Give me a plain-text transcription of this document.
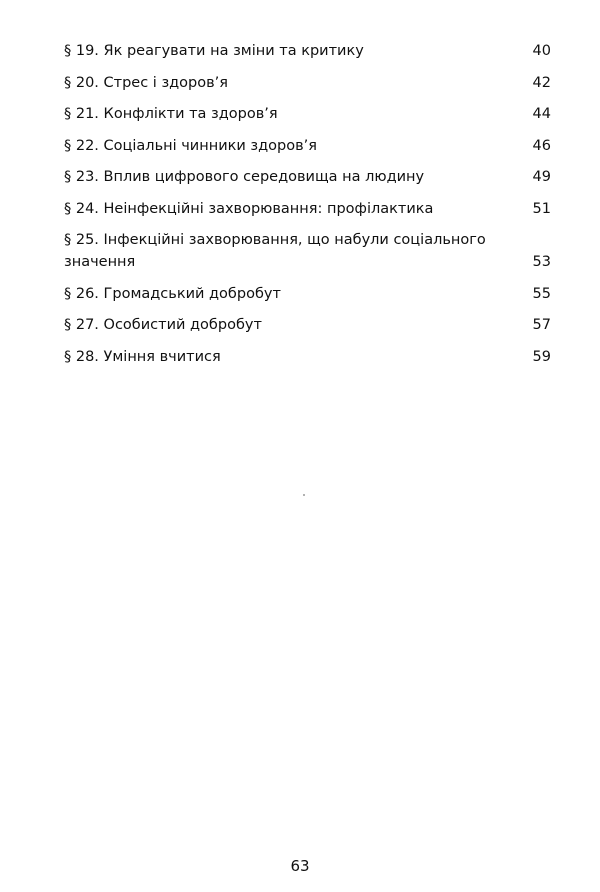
§ 19. Як реагувати на зміни та критику . . .	40
§ 20. Стрес і здоров’я . . .	42
§ 21. Конфлікти та здоров’я . . .	44
§ 22. Соціальні чинники здоров’я . . .	46
§ 23. Вплив цифрового середовища на людину . . .	49
§ 24. Неінфекційні захворювання: профілактика . . .	51
§ 25. Інфекційні захворювання, що набули соціального
значення . . .	53
§ 26. Громадський добробут . . .	55
§ 27. Особистий добробут . . .	57
§ 28. Уміння вчитися . . .	59
63
